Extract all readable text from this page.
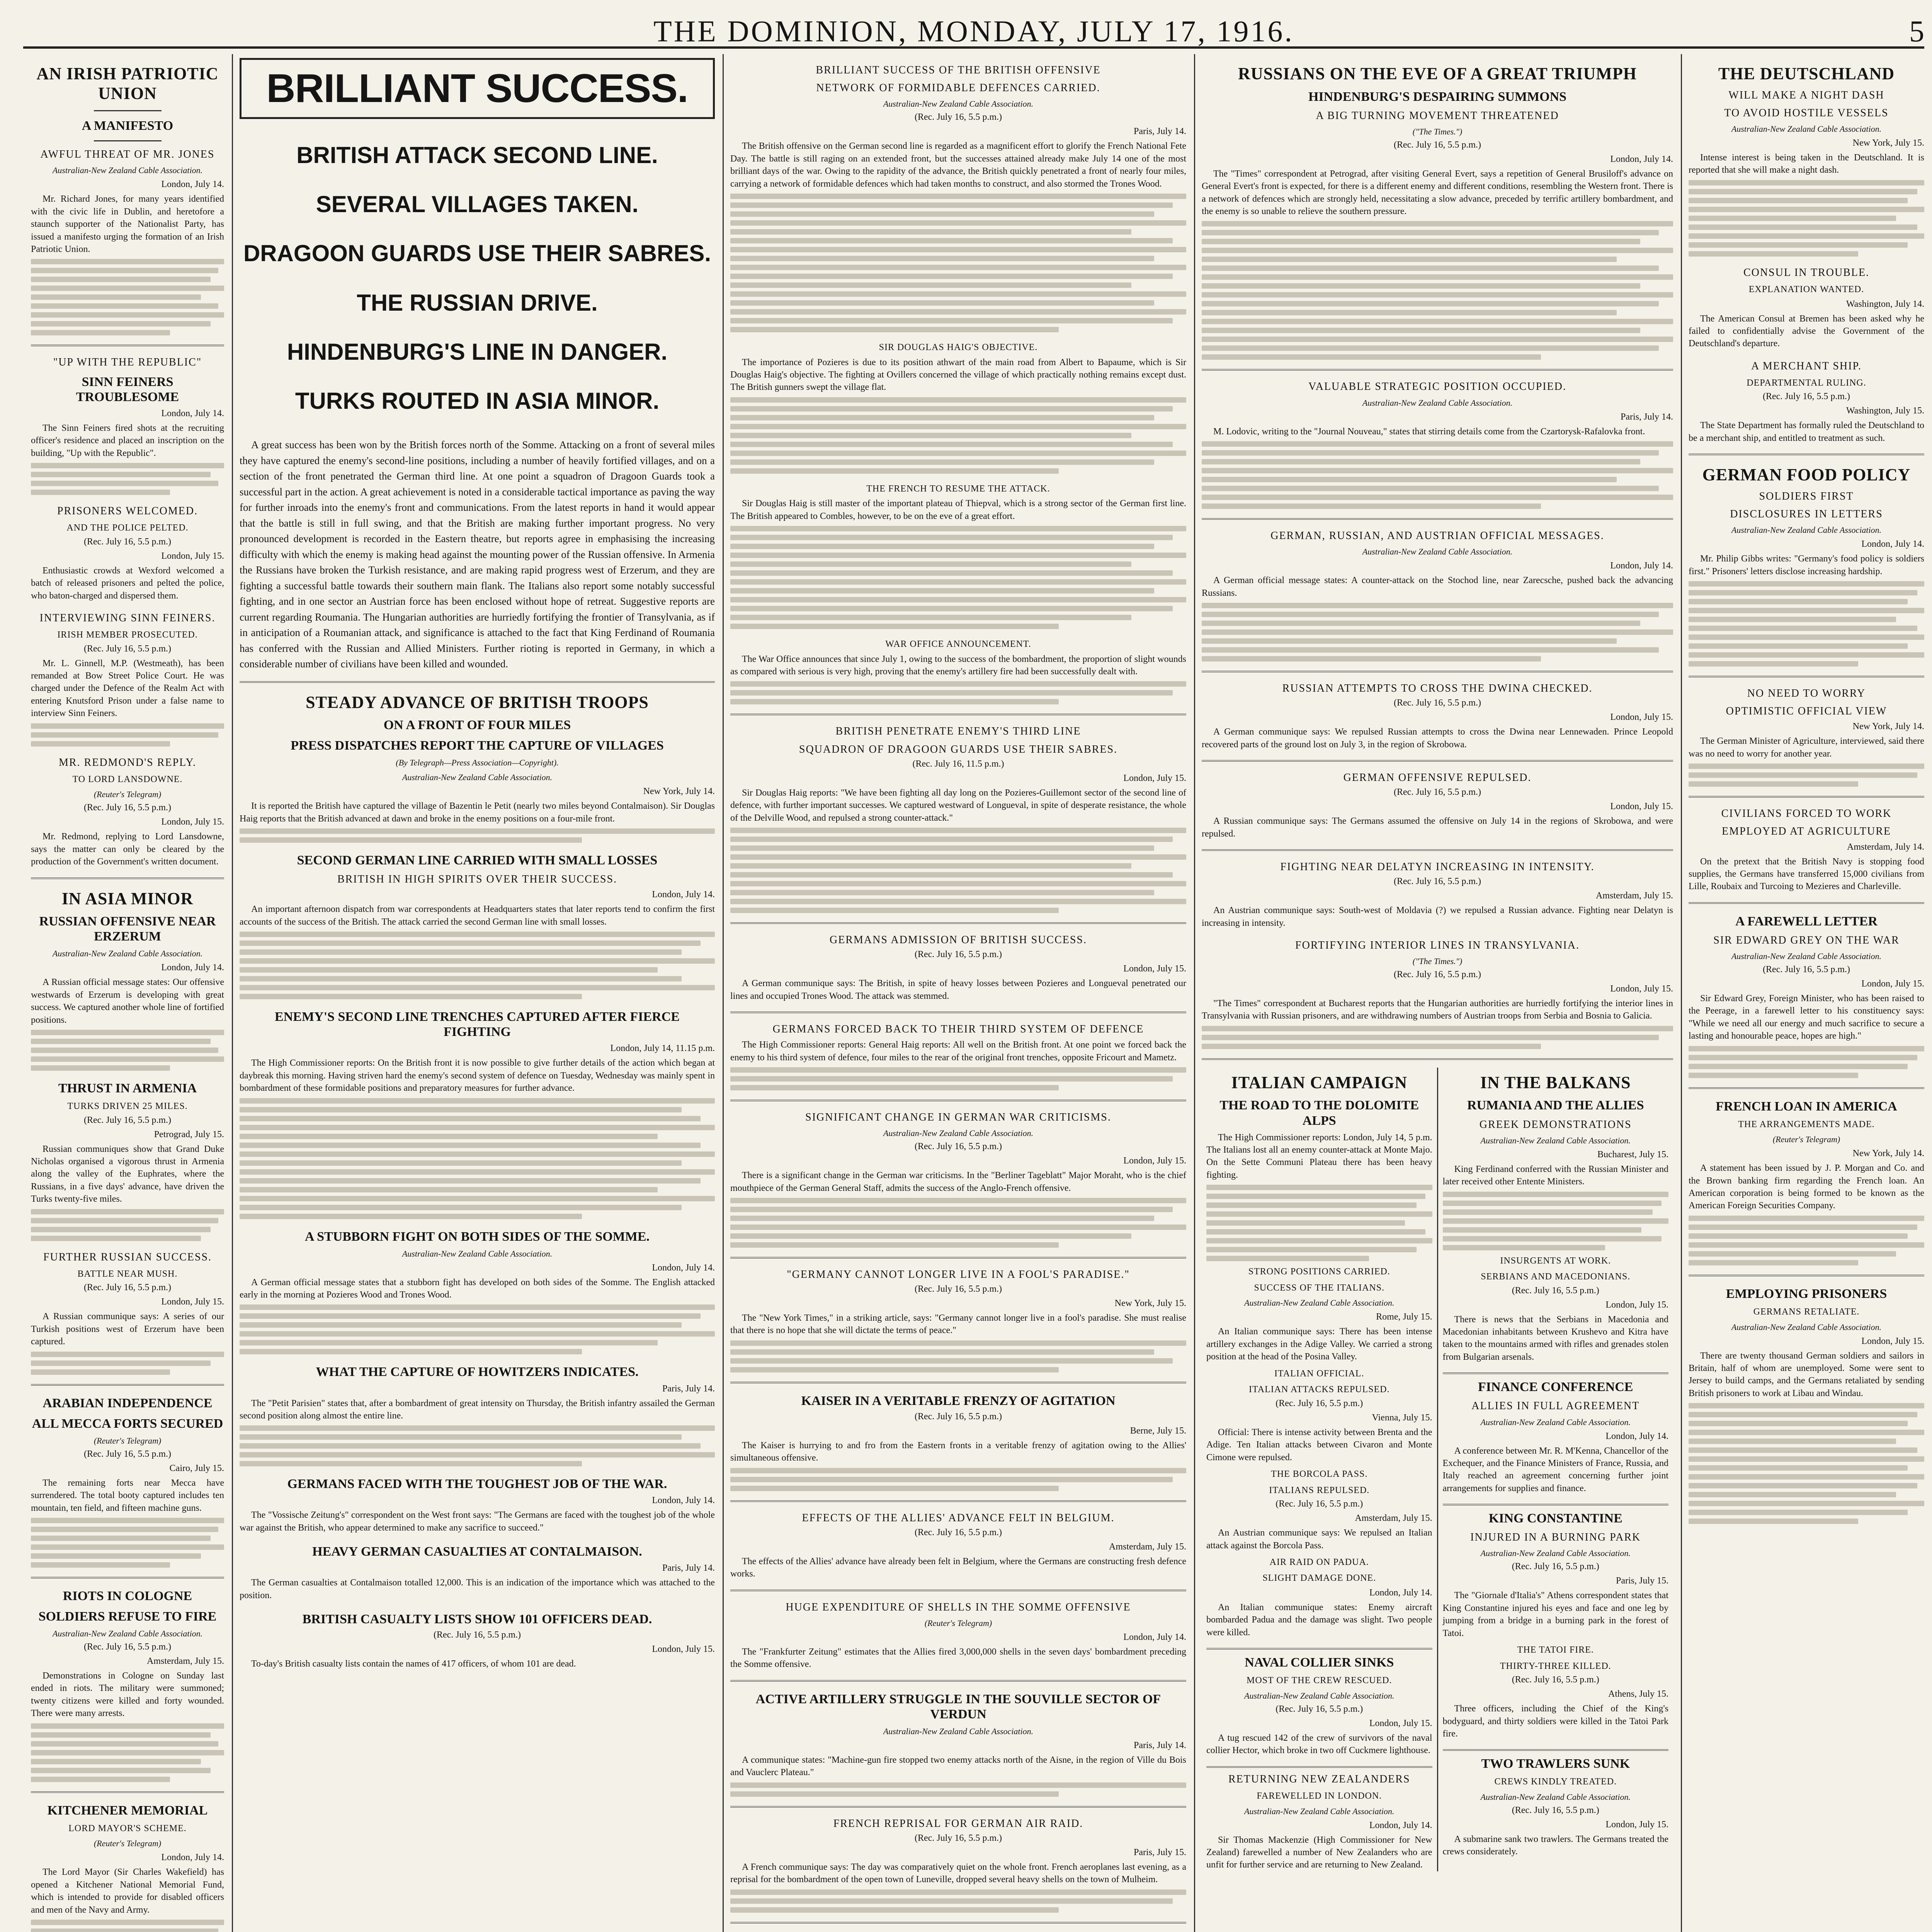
THE DOMINION, MONDAY, JULY 17, 1916.	5
AN IRISH PATRIOTIC UNION
A MANIFESTO
AWFUL THREAT OF MR. JONES
Australian-New Zealand Cable Association.
London, July 14.
Mr. Richard Jones, for many years identified with the civic life in Dublin, and heretofore a staunch supporter of the Nationalist Party, has issued a manifesto urging the formation of an Irish Patriotic Union.
"UP WITH THE REPUBLIC"
SINN FEINERS TROUBLESOME
London, July 14.
The Sinn Feiners fired shots at the recruiting officer's residence and placed an inscription on the building, "Up with the Republic".
PRISONERS WELCOMED.
AND THE POLICE PELTED.
(Rec. July 16, 5.5 p.m.)
London, July 15.
Enthusiastic crowds at Wexford welcomed a batch of released prisoners and pelted the police, who baton-charged and dispersed them.
INTERVIEWING SINN FEINERS.
IRISH MEMBER PROSECUTED.
(Rec. July 16, 5.5 p.m.)
Mr. L. Ginnell, M.P. (Westmeath), has been remanded at Bow Street Police Court. He was charged under the Defence of the Realm Act with entering Knutsford Prison under a false name to interview Sinn Feiners.
MR. REDMOND'S REPLY.
TO LORD LANSDOWNE.
(Reuter's Telegram)
(Rec. July 16, 5.5 p.m.)
London, July 15.
Mr. Redmond, replying to Lord Lansdowne, says the matter can only be cleared by the production of the Government's written document.
IN ASIA MINOR
RUSSIAN OFFENSIVE NEAR ERZERUM
Australian-New Zealand Cable Association.
London, July 14.
A Russian official message states: Our offensive westwards of Erzerum is developing with great success. We captured another whole line of fortified positions.
THRUST IN ARMENIA
TURKS DRIVEN 25 MILES.
(Rec. July 16, 5.5 p.m.)
Petrograd, July 15.
Russian communiques show that Grand Duke Nicholas organised a vigorous thrust in Armenia along the valley of the Euphrates, where the Russians, in a five days' advance, have driven the Turks twenty-five miles.
FURTHER RUSSIAN SUCCESS.
BATTLE NEAR MUSH.
(Rec. July 16, 5.5 p.m.)
London, July 15.
A Russian communique says: A series of our Turkish positions west of Erzerum have been captured.
ARABIAN INDEPENDENCE
ALL MECCA FORTS SECURED
(Reuter's Telegram)
(Rec. July 16, 5.5 p.m.)
Cairo, July 15.
The remaining forts near Mecca have surrendered. The total booty captured includes ten mountain, ten field, and fifteen machine guns.
RIOTS IN COLOGNE
SOLDIERS REFUSE TO FIRE
Australian-New Zealand Cable Association.
(Rec. July 16, 5.5 p.m.)
Amsterdam, July 15.
Demonstrations in Cologne on Sunday last ended in riots. The military were summoned; twenty citizens were killed and forty wounded. There were many arrests.
KITCHENER MEMORIAL
LORD MAYOR'S SCHEME.
(Reuter's Telegram)
London, July 14.
The Lord Mayor (Sir Charles Wakefield) has opened a Kitchener National Memorial Fund, which is intended to provide for disabled officers and men of the Navy and Army.
BRILLIANT SUCCESS.
BRITISH ATTACK SECOND LINE.
SEVERAL VILLAGES TAKEN.
DRAGOON GUARDS USE THEIR SABRES.
THE RUSSIAN DRIVE.
HINDENBURG'S LINE IN DANGER.
TURKS ROUTED IN ASIA MINOR.
A great success has been won by the British forces north of the Somme. Attacking on a front of several miles they have captured the enemy's second-line positions, including a number of heavily fortified villages, and on a section of the front penetrated the German third line. At one point a squadron of Dragoon Guards took a successful part in the action. A great achievement is noted in a considerable tactical importance as paving the way for further inroads into the enemy's front and communications. From the latest reports in hand it would appear that the battle is still in full swing, and that the British are making further important progress. No very pronounced development is recorded in the Eastern theatre, but reports agree in emphasising the increasing difficulty with which the enemy is making head against the mounting power of the Russian offensive. In Armenia the Russians have broken the Turkish resistance, and are making rapid progress west of Erzerum, and they are fighting a successful battle towards their southern main flank. The Italians also report some notably successful fighting, and in one sector an Austrian force has been enclosed without hope of retreat. Suggestive reports are current regarding Roumania. The Hungarian authorities are hurriedly fortifying the frontier of Transylvania, as if in anticipation of a Roumanian attack, and significance is attached to the fact that King Ferdinand of Roumania has conferred with the Russian and Allied Ministers. Further rioting is reported in Germany, in which a considerable number of civilians have been killed and wounded.
STEADY ADVANCE OF BRITISH TROOPS
ON A FRONT OF FOUR MILES
PRESS DISPATCHES REPORT THE CAPTURE OF VILLAGES
(By Telegraph—Press Association—Copyright).
Australian-New Zealand Cable Association.
New York, July 14.
It is reported the British have captured the village of Bazentin le Petit (nearly two miles beyond Contalmaison). Sir Douglas Haig reports that the British advanced at dawn and broke in the enemy positions on a four-mile front.
SECOND GERMAN LINE CARRIED WITH SMALL LOSSES
BRITISH IN HIGH SPIRITS OVER THEIR SUCCESS.
London, July 14.
An important afternoon dispatch from war correspondents at Headquarters states that later reports tend to confirm the first accounts of the success of the British. The attack carried the second German line with small losses.
ENEMY'S SECOND LINE TRENCHES CAPTURED AFTER FIERCE FIGHTING
London, July 14, 11.15 p.m.
The High Commissioner reports: On the British front it is now possible to give further details of the action which began at daybreak this morning. Having striven hard the enemy's second system of defence on Tuesday, Wednesday was mainly spent in bombardment of these formidable positions and preparatory measures for further advance.
A STUBBORN FIGHT ON BOTH SIDES OF THE SOMME.
Australian-New Zealand Cable Association.
London, July 14.
A German official message states that a stubborn fight has developed on both sides of the Somme. The English attacked early in the morning at Pozieres Wood and Trones Wood.
WHAT THE CAPTURE OF HOWITZERS INDICATES.
Paris, July 14.
The "Petit Parisien" states that, after a bombardment of great intensity on Thursday, the British infantry assailed the German second position along almost the entire line.
GERMANS FACED WITH THE TOUGHEST JOB OF THE WAR.
London, July 14.
The "Vossische Zeitung's" correspondent on the West front says: "The Germans are faced with the toughest job of the whole war against the British, who appear determined to make any sacrifice to succeed."
HEAVY GERMAN CASUALTIES AT CONTALMAISON.
Paris, July 14.
The German casualties at Contalmaison totalled 12,000. This is an indication of the importance which was attached to the position.
BRITISH CASUALTY LISTS SHOW 101 OFFICERS DEAD.
(Rec. July 16, 5.5 p.m.)
London, July 15.
To-day's British casualty lists contain the names of 417 officers, of whom 101 are dead.
BRILLIANT SUCCESS OF THE BRITISH OFFENSIVE
NETWORK OF FORMIDABLE DEFENCES CARRIED.
Australian-New Zealand Cable Association.
(Rec. July 16, 5.5 p.m.)
Paris, July 14.
The British offensive on the German second line is regarded as a magnificent effort to glorify the French National Fete Day. The battle is still raging on an extended front, but the successes attained already make July 14 one of the most brilliant days of the war. Owing to the rapidity of the advance, the British quickly penetrated a front of nearly four miles, carrying a network of formidable defences which had taken months to construct, and also stormed the Trones Wood.
SIR DOUGLAS HAIG'S OBJECTIVE.
The importance of Pozieres is due to its position athwart of the main road from Albert to Bapaume, which is Sir Douglas Haig's objective. The fighting at Ovillers concerned the village of which practically nothing remains except dust. The British gunners swept the village flat.
THE FRENCH TO RESUME THE ATTACK.
Sir Douglas Haig is still master of the important plateau of Thiepval, which is a strong sector of the German first line. The British appeared to Combles, however, to be on the eve of a great effort.
WAR OFFICE ANNOUNCEMENT.
The War Office announces that since July 1, owing to the success of the bombardment, the proportion of slight wounds as compared with serious is very high, proving that the enemy's artillery fire had been successfully dealt with.
BRITISH PENETRATE ENEMY'S THIRD LINE
SQUADRON OF DRAGOON GUARDS USE THEIR SABRES.
(Rec. July 16, 11.5 p.m.)
London, July 15.
Sir Douglas Haig reports: "We have been fighting all day long on the Pozieres-Guillemont sector of the second line of defence, with further important successes. We captured westward of Longueval, in spite of desperate resistance, the whole of the Delville Wood, and repulsed a strong counter-attack."
GERMANS ADMISSION OF BRITISH SUCCESS.
(Rec. July 16, 5.5 p.m.)
London, July 15.
A German communique says: The British, in spite of heavy losses between Pozieres and Longueval penetrated our lines and occupied Trones Wood. The attack was stemmed.
GERMANS FORCED BACK TO THEIR THIRD SYSTEM OF DEFENCE
The High Commissioner reports: General Haig reports: All well on the British front. At one point we forced back the enemy to his third system of defence, four miles to the rear of the original front trenches, opposite Fricourt and Mametz.
SIGNIFICANT CHANGE IN GERMAN WAR CRITICISMS.
Australian-New Zealand Cable Association.
(Rec. July 16, 5.5 p.m.)
London, July 15.
There is a significant change in the German war criticisms. In the "Berliner Tageblatt" Major Moraht, who is the chief mouthpiece of the German General Staff, admits the success of the Anglo-French offensive.
"GERMANY CANNOT LONGER LIVE IN A FOOL'S PARADISE."
(Rec. July 16, 5.5 p.m.)
New York, July 15.
The "New York Times," in a striking article, says: "Germany cannot longer live in a fool's paradise. She must realise that there is no hope that she will dictate the terms of peace."
KAISER IN A VERITABLE FRENZY OF AGITATION
(Rec. July 16, 5.5 p.m.)
Berne, July 15.
The Kaiser is hurrying to and fro from the Eastern fronts in a veritable frenzy of agitation owing to the Allies' simultaneous offensive.
EFFECTS OF THE ALLIES' ADVANCE FELT IN BELGIUM.
(Rec. July 16, 5.5 p.m.)
Amsterdam, July 15.
The effects of the Allies' advance have already been felt in Belgium, where the Germans are constructing fresh defence works.
HUGE EXPENDITURE OF SHELLS IN THE SOMME OFFENSIVE
(Reuter's Telegram)
London, July 14.
The "Frankfurter Zeitung" estimates that the Allies fired 3,000,000 shells in the seven days' bombardment preceding the Somme offensive.
ACTIVE ARTILLERY STRUGGLE IN THE SOUVILLE SECTOR OF VERDUN
Australian-New Zealand Cable Association.
Paris, July 14.
A communique states: "Machine-gun fire stopped two enemy attacks north of the Aisne, in the region of Ville du Bois and Vauclerc Plateau."
FRENCH REPRISAL FOR GERMAN AIR RAID.
(Rec. July 16, 5.5 p.m.)
Paris, July 15.
A French communique says: The day was comparatively quiet on the whole front. French aeroplanes last evening, as a reprisal for the bombardment of the open town of Luneville, dropped several heavy shells on the town of Mulheim.
RUSSIANS ON THE EVE OF A GREAT TRIUMPH
HINDENBURG'S DESPAIRING SUMMONS
A BIG TURNING MOVEMENT THREATENED
("The Times.")
(Rec. July 16, 5.5 p.m.)
London, July 14.
The "Times" correspondent at Petrograd, after visiting General Evert, says a repetition of General Brusiloff's advance on General Evert's front is expected, for there is a different enemy and different conditions, resembling the Western front. There is a network of defences which are strongly held, necessitating a slow advance, preceded by terrific artillery bombardment, and the enemy is so unable to relieve the southern pressure.
VALUABLE STRATEGIC POSITION OCCUPIED.
Australian-New Zealand Cable Association.
Paris, July 14.
M. Lodovic, writing to the "Journal Nouveau," states that stirring details come from the Czartorysk-Rafalovka front.
GERMAN, RUSSIAN, AND AUSTRIAN OFFICIAL MESSAGES.
Australian-New Zealand Cable Association.
London, July 14.
A German official message states: A counter-attack on the Stochod line, near Zarecsche, pushed back the advancing Russians.
RUSSIAN ATTEMPTS TO CROSS THE DWINA CHECKED.
(Rec. July 16, 5.5 p.m.)
London, July 15.
A German communique says: We repulsed Russian attempts to cross the Dwina near Lennewaden. Prince Leopold recovered parts of the ground lost on July 3, in the region of Skrobowa.
GERMAN OFFENSIVE REPULSED.
(Rec. July 16, 5.5 p.m.)
London, July 15.
A Russian communique says: The Germans assumed the offensive on July 14 in the regions of Skrobowa, and were repulsed.
FIGHTING NEAR DELATYN INCREASING IN INTENSITY.
(Rec. July 16, 5.5 p.m.)
Amsterdam, July 15.
An Austrian communique says: South-west of Moldavia (?) we repulsed a Russian advance. Fighting near Delatyn is increasing in intensity.
FORTIFYING INTERIOR LINES IN TRANSYLVANIA.
("The Times.")
(Rec. July 16, 5.5 p.m.)
London, July 15.
"The Times" correspondent at Bucharest reports that the Hungarian authorities are hurriedly fortifying the interior lines in Transylvania with Russian prisoners, and are withdrawing numbers of Austrian troops from Serbia and Bosnia to Galicia.
ITALIAN CAMPAIGN
THE ROAD TO THE DOLOMITE ALPS
The High Commissioner reports: London, July 14, 5 p.m. The Italians lost all an enemy counter-attack at Monte Majo. On the Sette Communi Plateau there has been heavy fighting.
STRONG POSITIONS CARRIED.
SUCCESS OF THE ITALIANS.
Australian-New Zealand Cable Association.
Rome, July 15.
An Italian communique says: There has been intense artillery exchanges in the Adige Valley. We carried a strong position at the head of the Posina Valley.
ITALIAN OFFICIAL.
ITALIAN ATTACKS REPULSED.
(Rec. July 16, 5.5 p.m.)
Vienna, July 15.
Official: There is intense activity between Brenta and the Adige. Ten Italian attacks between Civaron and Monte Cimone were repulsed.
THE BORCOLA PASS.
ITALIANS REPULSED.
(Rec. July 16, 5.5 p.m.)
Amsterdam, July 15.
An Austrian communique says: We repulsed an Italian attack against the Borcola Pass.
AIR RAID ON PADUA.
SLIGHT DAMAGE DONE.
London, July 14.
An Italian communique states: Enemy aircraft bombarded Padua and the damage was slight. Two people were killed.
NAVAL COLLIER SINKS
MOST OF THE CREW RESCUED.
Australian-New Zealand Cable Association.
(Rec. July 16, 5.5 p.m.)
London, July 15.
A tug rescued 142 of the crew of survivors of the naval collier Hector, which broke in two off Cuckmere lighthouse.
RETURNING NEW ZEALANDERS
FAREWELLED IN LONDON.
Australian-New Zealand Cable Association.
London, July 14.
Sir Thomas Mackenzie (High Commissioner for New Zealand) farewelled a number of New Zealanders who are unfit for further service and are returning to New Zealand.
IN THE BALKANS
RUMANIA AND THE ALLIES
GREEK DEMONSTRATIONS
Australian-New Zealand Cable Association.
Bucharest, July 15.
King Ferdinand conferred with the Russian Minister and later received other Entente Ministers.
INSURGENTS AT WORK.
SERBIANS AND MACEDONIANS.
(Rec. July 16, 5.5 p.m.)
London, July 15.
There is news that the Serbians in Macedonia and Macedonian inhabitants between Krushevo and Kitra have taken to the mountains armed with rifles and grenades stolen from Bulgarian arsenals.
FINANCE CONFERENCE
ALLIES IN FULL AGREEMENT
Australian-New Zealand Cable Association.
London, July 14.
A conference between Mr. R. M'Kenna, Chancellor of the Exchequer, and the Finance Ministers of France, Russia, and Italy reached an agreement concerning further joint arrangements for supplies and finance.
KING CONSTANTINE
INJURED IN A BURNING PARK
Australian-New Zealand Cable Association.
(Rec. July 16, 5.5 p.m.)
Paris, July 15.
The "Giornale d'Italia's" Athens correspondent states that King Constantine injured his eyes and face and one leg by jumping from a bridge in a burning park in the forest of Tatoi.
THE TATOI FIRE.
THIRTY-THREE KILLED.
(Rec. July 16, 5.5 p.m.)
Athens, July 15.
Three officers, including the Chief of the King's bodyguard, and thirty soldiers were killed in the Tatoi Park fire.
TWO TRAWLERS SUNK
CREWS KINDLY TREATED.
Australian-New Zealand Cable Association.
(Rec. July 16, 5.5 p.m.)
London, July 15.
A submarine sank two trawlers. The Germans treated the crews considerately.
THE DEUTSCHLAND
WILL MAKE A NIGHT DASH
TO AVOID HOSTILE VESSELS
Australian-New Zealand Cable Association.
New York, July 15.
Intense interest is being taken in the Deutschland. It is reported that she will make a night dash.
CONSUL IN TROUBLE.
EXPLANATION WANTED.
Washington, July 14.
The American Consul at Bremen has been asked why he failed to confidentially advise the Government of the Deutschland's departure.
A MERCHANT SHIP.
DEPARTMENTAL RULING.
(Rec. July 16, 5.5 p.m.)
Washington, July 15.
The State Department has formally ruled the Deutschland to be a merchant ship, and entitled to treatment as such.
GERMAN FOOD POLICY
SOLDIERS FIRST
DISCLOSURES IN LETTERS
Australian-New Zealand Cable Association.
London, July 14.
Mr. Philip Gibbs writes: "Germany's food policy is soldiers first." Prisoners' letters disclose increasing hardship.
NO NEED TO WORRY
OPTIMISTIC OFFICIAL VIEW
New York, July 14.
The German Minister of Agriculture, interviewed, said there was no need to worry for another year.
CIVILIANS FORCED TO WORK
EMPLOYED AT AGRICULTURE
Amsterdam, July 14.
On the pretext that the British Navy is stopping food supplies, the Germans have transferred 15,000 civilians from Lille, Roubaix and Turcoing to Mezieres and Charleville.
A FAREWELL LETTER
SIR EDWARD GREY ON THE WAR
Australian-New Zealand Cable Association.
(Rec. July 16, 5.5 p.m.)
London, July 15.
Sir Edward Grey, Foreign Minister, who has been raised to the Peerage, in a farewell letter to his constituency says: "While we need all our energy and much sacrifice to secure a lasting and honourable peace, hopes are high."
FRENCH LOAN IN AMERICA
THE ARRANGEMENTS MADE.
(Reuter's Telegram)
New York, July 14.
A statement has been issued by J. P. Morgan and Co. and the Brown banking firm regarding the French loan. An American corporation is being formed to be known as the American Foreign Securities Company.
EMPLOYING PRISONERS
GERMANS RETALIATE.
Australian-New Zealand Cable Association.
London, July 15.
There are twenty thousand German soldiers and sailors in Britain, half of whom are unemployed. Some were sent to Jersey to build camps, and the Germans retaliated by sending British prisoners to work at Libau and Windau.
